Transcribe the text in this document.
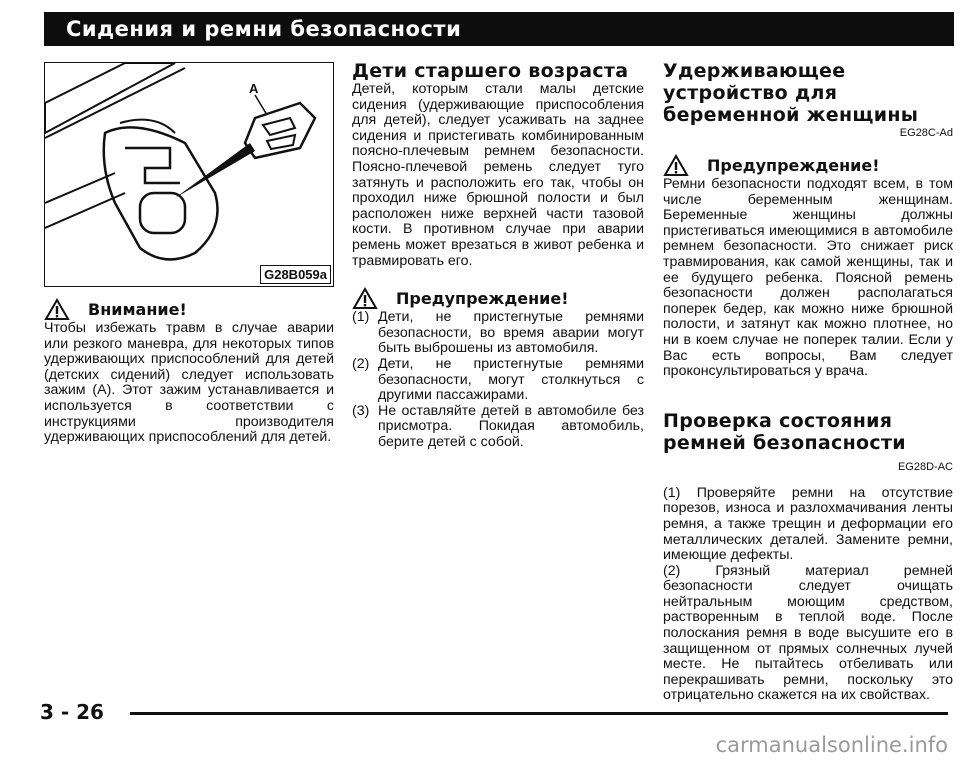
Сидения и ремни безопасности
A
G28B059a
Внимание!

Чтобы избежать травм в случае аварии или резкого маневра, для некоторых типов удерживающих приспособлений для детей (детских сидений) следует использовать зажим (А). Этот зажим устанавливается и используется в соответствии с инструкциями производителя удерживающих приспособлений для детей.

Дети старшего возраста

Детей, которым стали малы детские сидения (удерживающие приспособления для детей), следует усаживать на заднее сидения и пристегивать комбинированным поясно-плечевым ремнем безопасности. Поясно-плечевой ремень следует туго затянуть и расположить его так, чтобы он проходил ниже брюшной полости и был расположен ниже верхней части тазовой кости. В противном случае при аварии ремень может врезаться в живот ребенка и травмировать его.

Предупреждение!
(1) Дети, не пристегнутые ремнями безопасности, во время аварии могут быть выброшены из автомобиля.
(2) Дети, не пристегнутые ремнями безопасности, могут столкнуться с другими пассажирами.
(3) Не оставляйте детей в автомобиле без присмотра. Покидая автомобиль, берите детей с собой.
Удерживающее устройство для беременной женщины
EG28C-Ad
Предупреждение!

Ремни безопасности подходят всем, в том числе беременным женщинам. Беременные женщины должны пристегиваться имеющимися в автомобиле ремнем безопасности. Это снижает риск травмирования, как самой женщины, так и ее будущего ребенка. Поясной ремень безопасности должен располагаться поперек бедер, как можно ниже брюшной полости, и затянут как можно плотнее, но ни в коем случае не поперек талии. Если у Вас есть вопросы, Вам следует проконсультироваться у врача.

Проверка состояния ремней безопасности
EG28D-AC

(1) Проверяйте ремни на отсутствие порезов, износа и разлохмачивания ленты ремня, а также трещин и деформации его металлических деталей. Замените ремни, имеющие дефекты.

(2) Грязный материал ремней безопасности следует очищать нейтральным моющим средством, растворенным в теплой воде. После полоскания ремня в воде высушите его в защищенном от прямых солнечных лучей месте. Не пытайтесь отбеливать или перекрашивать ремни, поскольку это отрицательно скажется на их свойствах.

3 - 26
carmanualsonline.info
